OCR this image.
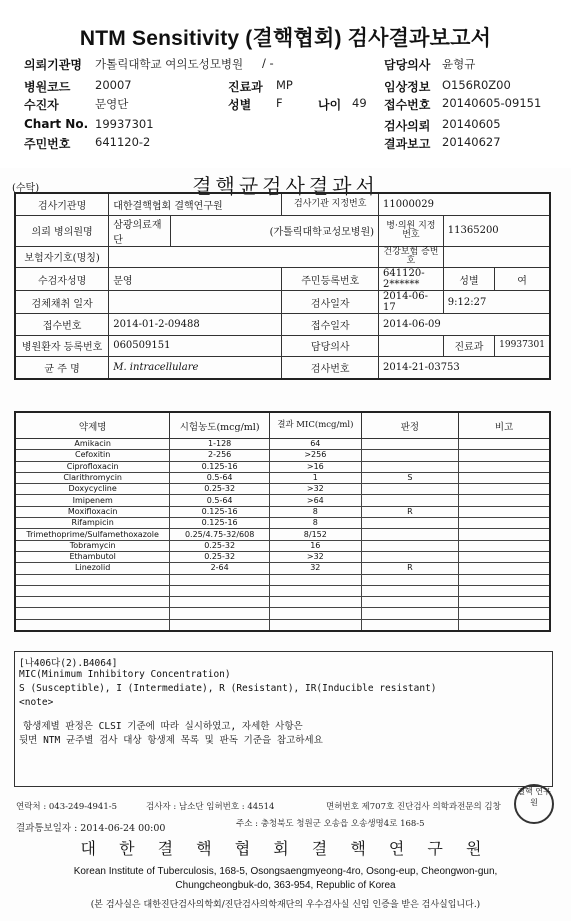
NTM Sensitivity (결핵협회) 검사결과보고서
의뢰기관명 가톨릭대학교 여의도성모병원 / -
병원코드 20007	진료과 MP
수진자	문영단	성별 F	나이 49
Chart No. 19937301
주민번호 641120-2
담당의사 윤형규
임상정보 O156R0Z00
접수번호 20140605-09151
검사의뢰 20140605
결과보고 20140627
결핵균검사결과서
(수탁)
검사기관명	대한결핵협회 결핵연구원		검사기관 지정번호	11000029		
의뢰 병의원명	삼광의료재단	(가톨릭대학교성모병원)		병·의원 지정번호	11365200	
보험자기호(명칭)				건강보험 증번호		
수검자성명	문영		주민등록번호	641120-2******	성별	여
검체채취 일자			검사일자	2014-06-17	9:12:27	
접수번호	2014-01-2-09488		접수일자	2014-06-09		
병원환자 등록번호	060509151		담당의사		진료과	19937301
균 주 명	M. intracellulare		검사번호	2014-21-03753		
약제명	시험농도(mcg/ml)	결과 MIC(mcg/ml)	판정	비고
Amikacin	1-128	64		
Cefoxitin	2-256	>256		
Ciprofloxacin	0.125-16	>16		
Clarithromycin	0.5-64	1	S	
Doxycycline	0.25-32	>32		
Imipenem	0.5-64	>64		
Moxifloxacin	0.125-16	8	R	
Rifampicin	0.125-16	8		
Trimethoprime/Sulfamethoxazole	0.25/4.75-32/608	8/152		
Tobramycin	0.25-32	16		
Ethambutol	0.25-32	>32		
Linezolid	2-64	32	R	

[나406다(2).B4064]
MIC(Minimum Inhibitory Concentration)
S (Susceptible), I (Intermediate), R (Resistant), IR(Inducible resistant)
<note>
항생제별 판정은 CLSI 기준에 따라 실시하였고, 자세한 사항은
뒷면 NTM 균주별 검사 대상 항생제 목록 및 판독 기준을 참고하세요
연락처 : 043-249-4941-5	검사자 : 남소단 임허번호 : 44514	면허번호 제707호 진단검사 의학과전문의 김창
결과통보일자 : 2014-06-24 00:00	주소 : 충청북도 청원군 오송읍 오송생명4로 168-5
결핵 연구원
대 한 결 핵 협 회 결 핵 연 구 원
Korean Institute of Tuberculosis, 168-5, Osongsaengmyeong-4ro, Osong-eup, Cheongwon-gun,
Chungcheongbuk-do, 363-954, Republic of Korea
(본 검사실은 대한진단검사의학회/진단검사의학재단의 우수검사실 신임 인증을 받은 검사실입니다.)
